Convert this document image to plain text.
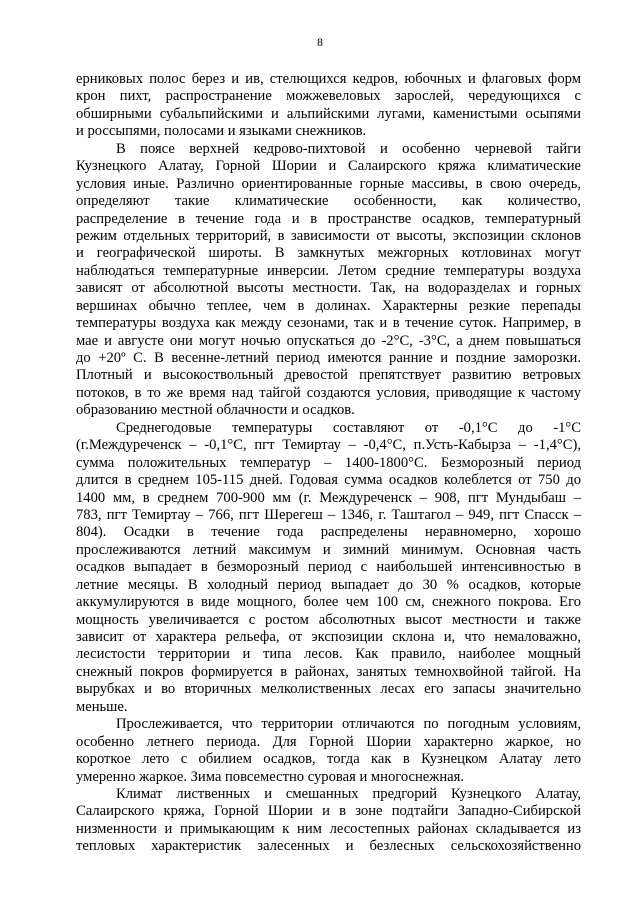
8
ерниковых полос берез и ив, стелющихся кедров, юбочных и флаговых форм
крон пихт, распространение можжевеловых зарослей, чередующихся с
обширными субальпийскими и альпийскими лугами, каменистыми осыпями
и россыпями, полосами и языками снежников.
В поясе верхней кедрово-пихтовой и особенно черневой тайги
Кузнецкого Алатау, Горной Шории и Салаирского кряжа климатические
условия иные. Различно ориентированные горные массивы, в свою очередь,
определяют такие климатические особенности, как количество,
распределение в течение года и в пространстве осадков, температурный
режим отдельных территорий, в зависимости от высоты, экспозиции склонов
и географической широты. В замкнутых межгорных котловинах могут
наблюдаться температурные инверсии. Летом средние температуры воздуха
зависят от абсолютной высоты местности. Так, на водоразделах и горных
вершинах обычно теплее, чем в долинах. Характерны резкие перепады
температуры воздуха как между сезонами, так и в течение суток. Например, в
мае и августе они могут ночью опускаться до -2°С, -3°С, а днем повышаться
до +20º С. В весенне-летний период имеются ранние и поздние заморозки.
Плотный и высокоствольный древостой препятствует развитию ветровых
потоков, в то же время над тайгой создаются условия, приводящие к частому
образованию местной облачности и осадков.
Среднегодовые температуры составляют от -0,1°С до -1°С
(г.Междуреченск – -0,1°С, пгт Темиртау – -0,4°С, п.Усть-Кабырза – -1,4°С),
сумма положительных температур – 1400-1800°С. Безморозный период
длится в среднем 105-115 дней. Годовая сумма осадков колеблется от 750 до
1400 мм, в среднем 700-900 мм (г. Междуреченск – 908, пгт Мундыбаш –
783, пгт Темиртау – 766, пгт Шерегеш – 1346, г. Таштагол – 949, пгт Спасск –
804). Осадки в течение года распределены неравномерно, хорошо
прослеживаются летний максимум и зимний минимум. Основная часть
осадков выпадает в безморозный период с наибольшей интенсивностью в
летние месяцы. В холодный период выпадает до 30 % осадков, которые
аккумулируются в виде мощного, более чем 100 см, снежного покрова. Его
мощность увеличивается с ростом абсолютных высот местности и также
зависит от характера рельефа, от экспозиции склона и, что немаловажно,
лесистости территории и типа лесов. Как правило, наиболее мощный
снежный покров формируется в районах, занятых темнохвойной тайгой. На
вырубках и во вторичных мелколиственных лесах его запасы значительно
меньше.
Прослеживается, что территории отличаются по погодным условиям,
особенно летнего периода. Для Горной Шории характерно жаркое, но
короткое лето с обилием осадков, тогда как в Кузнецком Алатау лето
умеренно жаркое. Зима повсеместно суровая и многоснежная.
Климат лиственных и смешанных предгорий Кузнецкого Алатау,
Салаирского кряжа, Горной Шории и в зоне подтайги Западно-Сибирской
низменности и примыкающим к ним лесостепных районах складывается из
тепловых характеристик залесенных и безлесных сельскохозяйственно
